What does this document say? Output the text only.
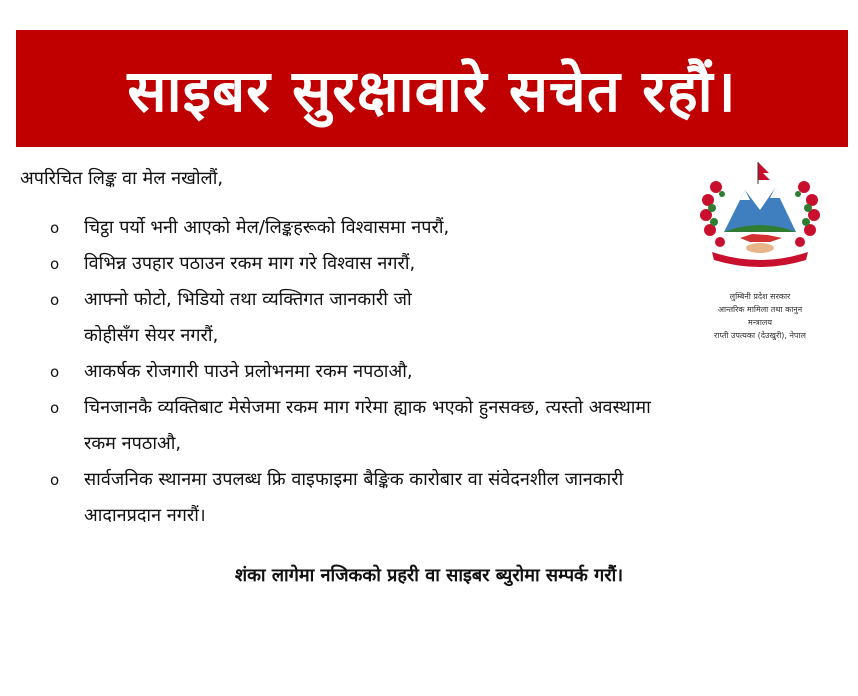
साइबर सुरक्षावारे सचेत रहौं।
अपरिचित लिङ्क वा मेल नखोलौं,
o चिट्ठा पर्यो भनी आएको मेल/लिङ्कहरूको विश्वासमा नपरौं,
o विभिन्न उपहार पठाउन रकम माग गरे विश्वास नगरौं,
o आफ्नो फोटो, भिडियो तथा व्यक्तिगत जानकारी जो
कोहीसँग सेयर नगरौं,
o आकर्षक रोजगारी पाउने प्रलोभनमा रकम नपठाऔ,
o चिनजानकै व्यक्तिबाट मेसेजमा रकम माग गरेमा ह्याक भएको हुनसक्छ, त्यस्तो अवस्थामा
रकम नपठाऔ,
o सार्वजनिक स्थानमा उपलब्ध फ्रि वाइफाइमा बैङ्किक कारोबार वा संवेदनशील जानकारी
आदानप्रदान नगरौं।
शंका लागेमा नजिकको प्रहरी वा साइबर ब्युरोमा सम्पर्क गरौं।
लुम्बिनी प्रदेश सरकार
आन्तरिक मामिला तथा कानुन
मन्त्रालय
राप्ती उपत्यका (देउखुरी), नेपाल
